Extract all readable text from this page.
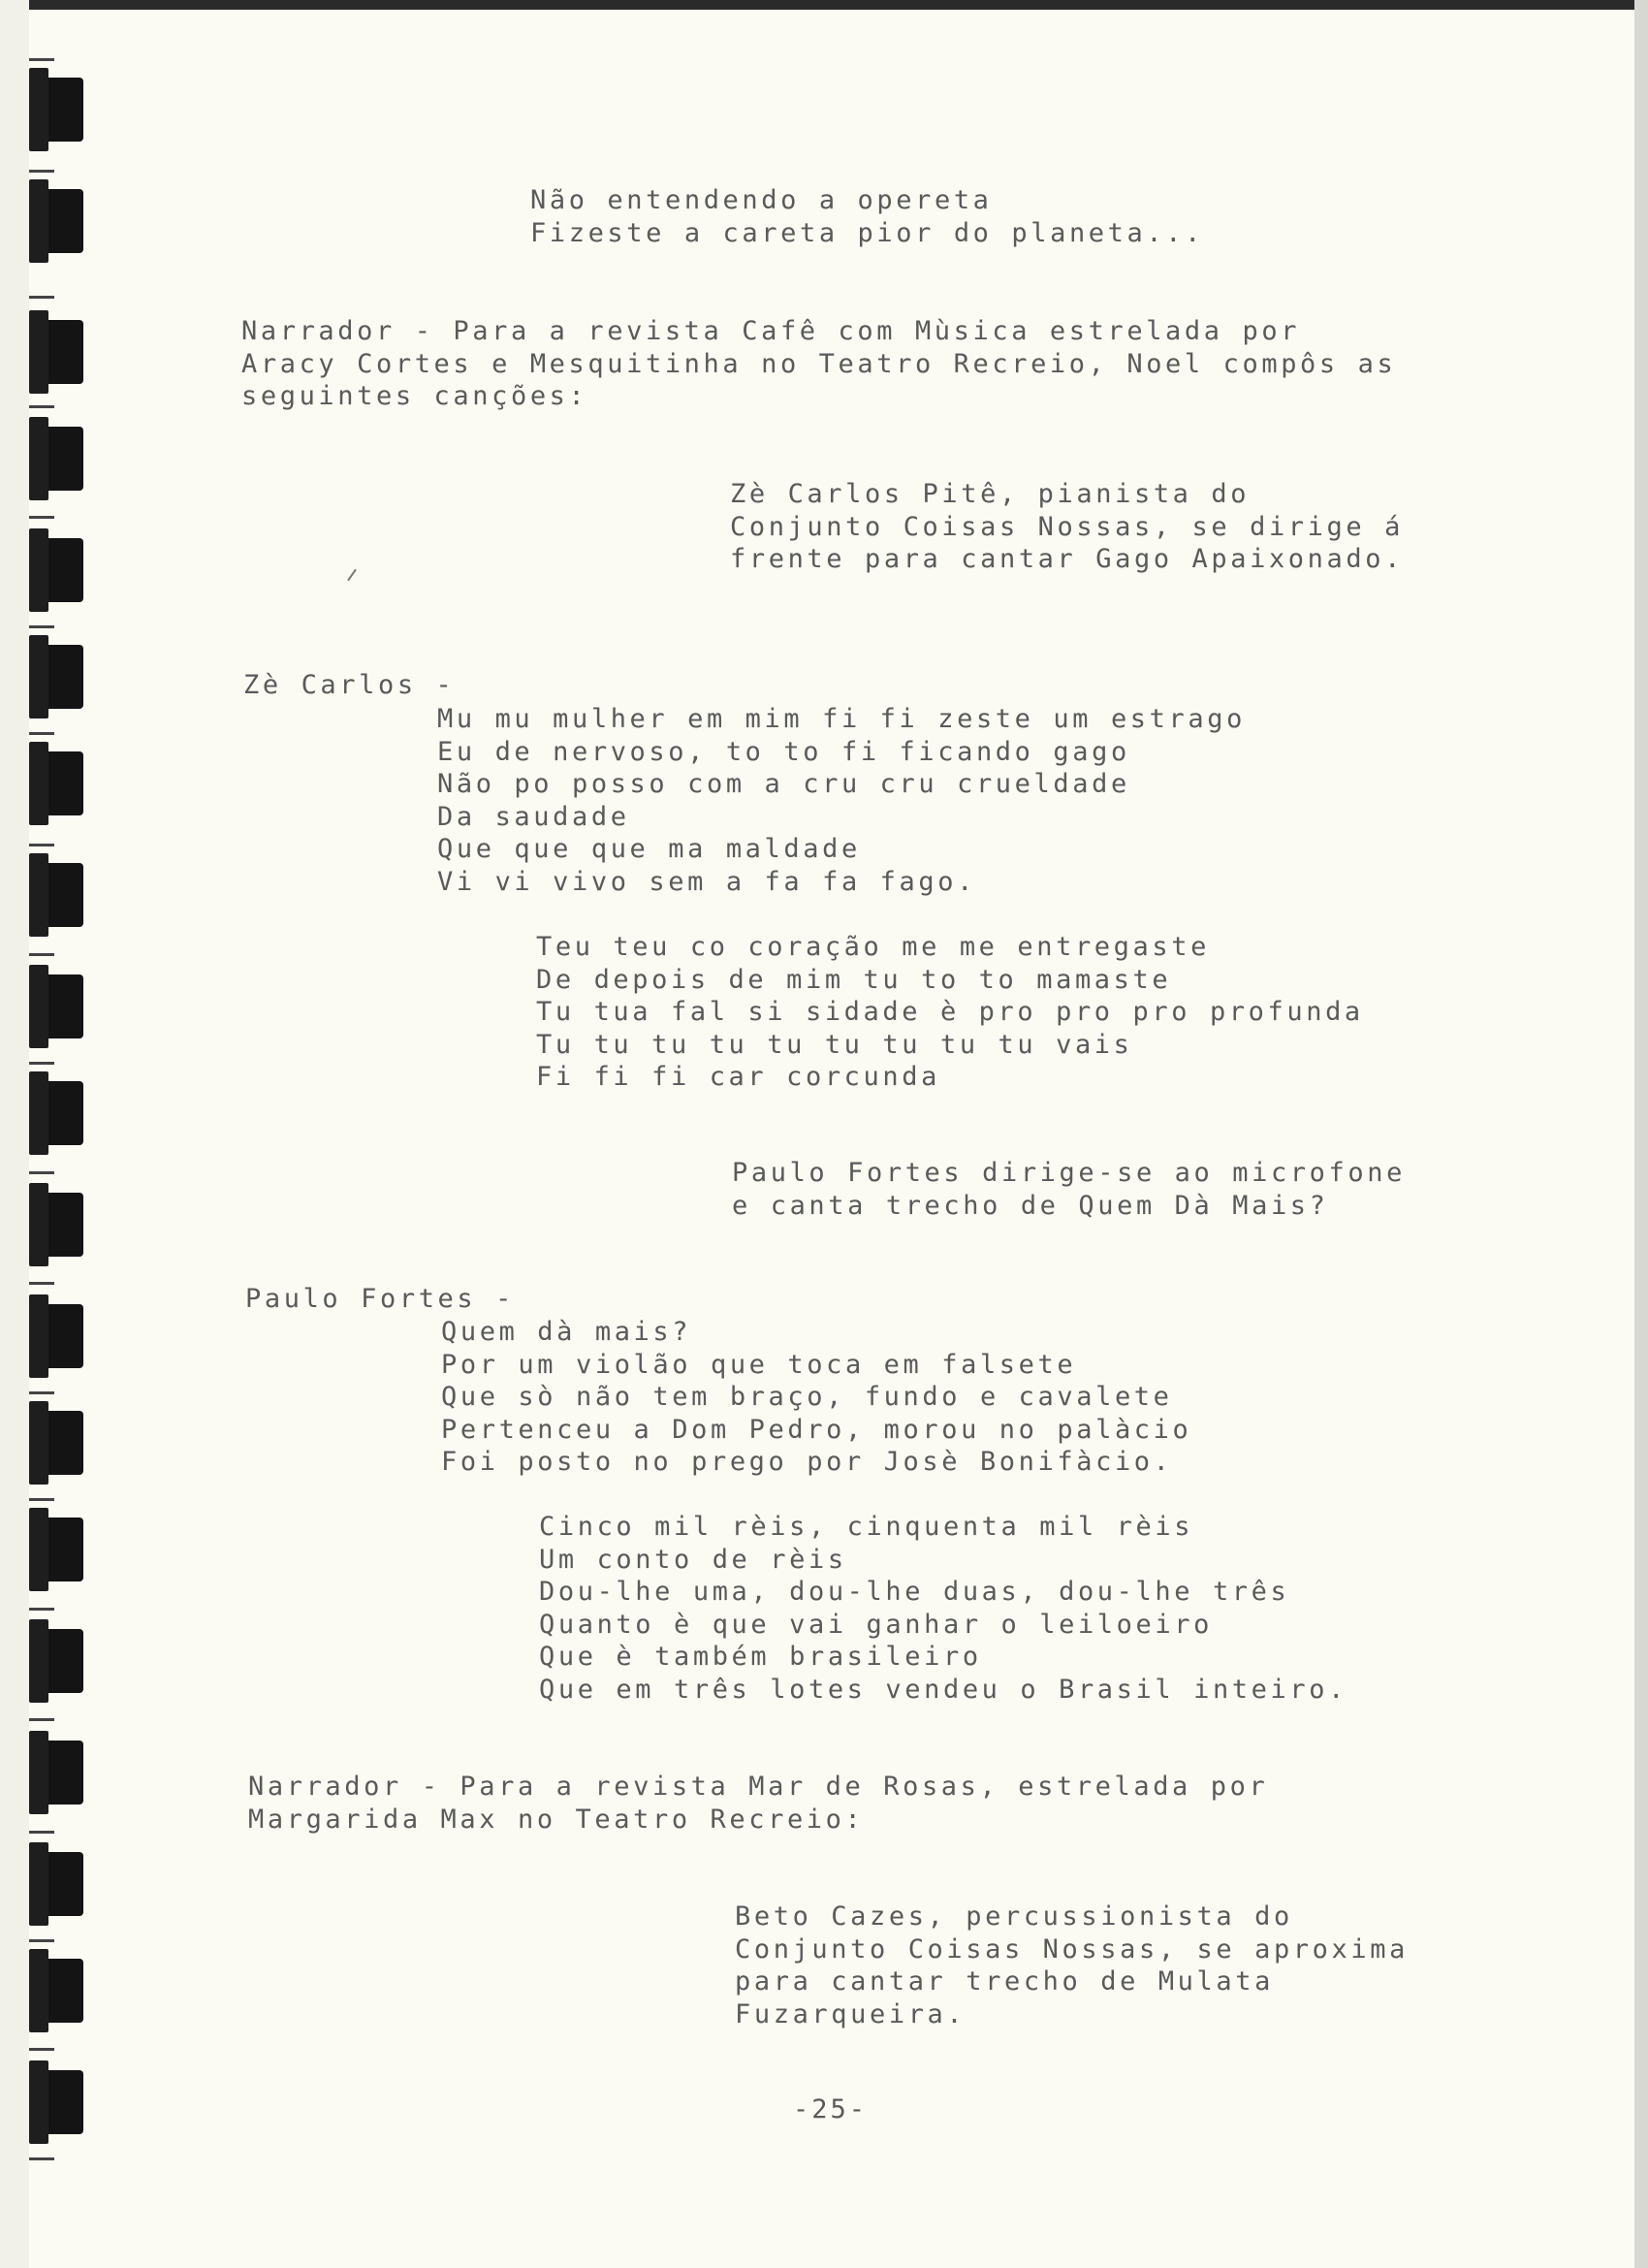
Não entendendo a opereta
Fizeste a careta pior do planeta...
Narrador - Para a revista Cafê com Mùsica estrelada por
Aracy Cortes e Mesquitinha no Teatro Recreio, Noel compôs as
seguintes canções:
Zè Carlos Pitê, pianista do
Conjunto Coisas Nossas, se dirige á
frente para cantar Gago Apaixonado.
Zè Carlos -
Mu mu mulher em mim fi fi zeste um estrago
Eu de nervoso, to to fi ficando gago
Não po posso com a cru cru crueldade
Da saudade
Que que que ma maldade
Vi vi vivo sem a fa fa fago.
Teu teu co coração me me entregaste
De depois de mim tu to to mamaste
Tu tua fal si sidade è pro pro pro profunda
Tu tu tu tu tu tu tu tu tu vais
Fi fi fi car corcunda
Paulo Fortes dirige-se ao microfone
e canta trecho de Quem Dà Mais?
Paulo Fortes -
Quem dà mais?
Por um violão que toca em falsete
Que sò não tem braço, fundo e cavalete
Pertenceu a Dom Pedro, morou no palàcio
Foi posto no prego por Josè Bonifàcio.
Cinco mil rèis, cinquenta mil rèis
Um conto de rèis
Dou-lhe uma, dou-lhe duas, dou-lhe três
Quanto è que vai ganhar o leiloeiro
Que è também brasileiro
Que em três lotes vendeu o Brasil inteiro.
Narrador - Para a revista Mar de Rosas, estrelada por
Margarida Max no Teatro Recreio:
Beto Cazes, percussionista do
Conjunto Coisas Nossas, se aproxima
para cantar trecho de Mulata
Fuzarqueira.
-25-
